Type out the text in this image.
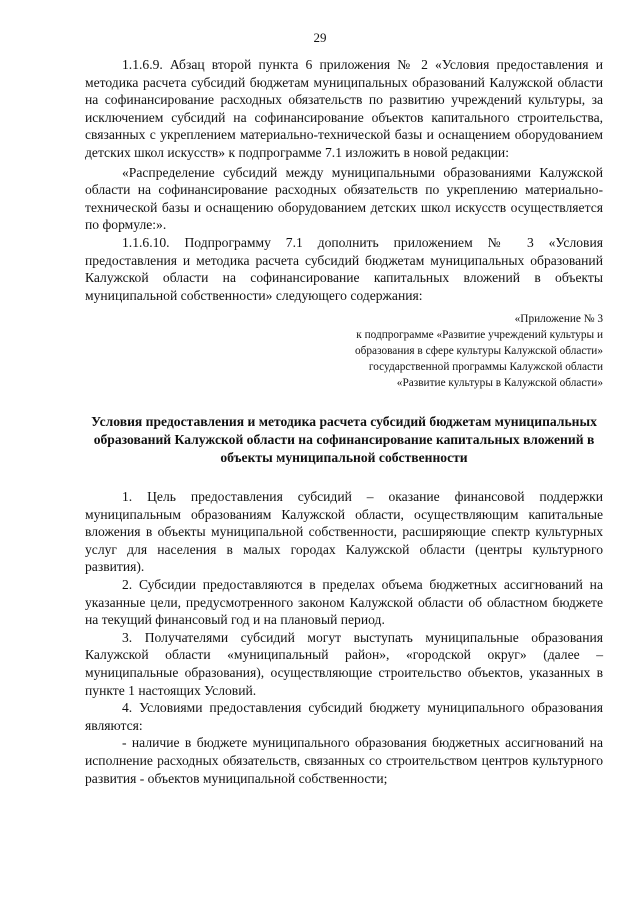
29

1.1.6.9. Абзац второй пункта 6 приложения № 2 «Условия предоставления и методика расчета субсидий бюджетам муниципальных образований Калужской области на софинансирование расходных обязательств по развитию учреждений культуры, за исключением субсидий на софинансирование объектов капитального строительства, связанных с укреплением материально-технической базы и оснащением оборудованием детских школ искусств» к подпрограмме 7.1 изложить в новой редакции:

«Распределение субсидий между муниципальными образованиями Калужской области на софинансирование расходных обязательств по укреплению материально-технической базы и оснащению оборудованием детских школ искусств осуществляется по формуле:».

1.1.6.10. Подпрограмму 7.1 дополнить приложением № 3 «Условия предоставления и методика расчета субсидий бюджетам муниципальных образований Калужской области на софинансирование капитальных вложений в объекты муниципальной собственности» следующего содержания:

«Приложение № 3
к подпрограмме «Развитие учреждений культуры и
образования в сфере культуры Калужской области»
государственной программы Калужской области
«Развитие культуры в Калужской области»
Условия предоставления и методика расчета субсидий бюджетам муниципальных образований Калужской области на софинансирование капитальных вложений в объекты муниципальной собственности

1. Цель предоставления субсидий – оказание финансовой поддержки муниципальным образованиям Калужской области, осуществляющим капитальные вложения в объекты муниципальной собственности, расширяющие спектр культурных услуг для населения в малых городах Калужской области (центры культурного развития).

2. Субсидии предоставляются в пределах объема бюджетных ассигнований на указанные цели, предусмотренного законом Калужской области об областном бюджете на текущий финансовый год и на плановый период.

3. Получателями субсидий могут выступать муниципальные образования Калужской области «муниципальный район», «городской округ» (далее – муниципальные образования), осуществляющие строительство объектов, указанных в пункте 1 настоящих Условий.

4. Условиями предоставления субсидий бюджету муниципального образования являются:

- наличие в бюджете муниципального образования бюджетных ассигнований на исполнение расходных обязательств, связанных со строительством центров культурного развития - объектов муниципальной собственности;
